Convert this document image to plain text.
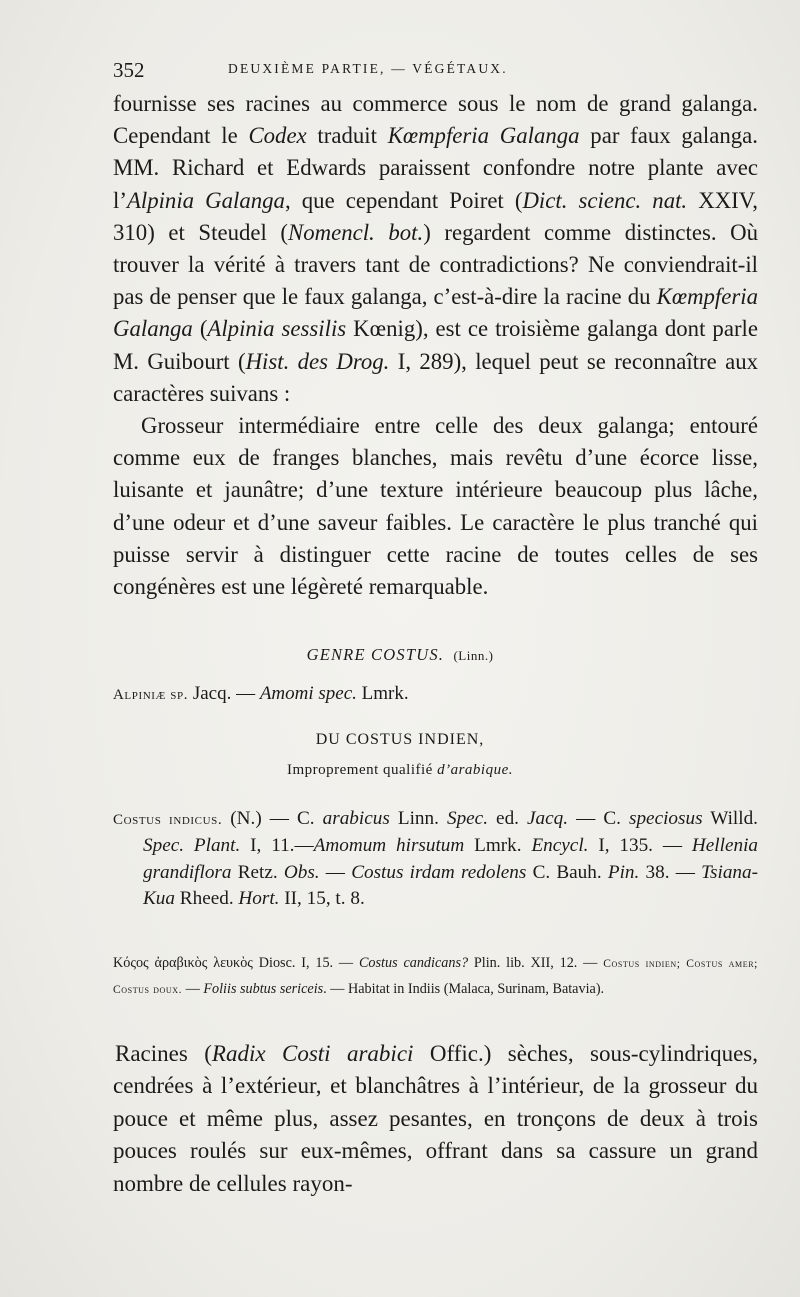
352	DEUXIÈME PARTIE, — VÉGÉTAUX.

fournisse ses racines au commerce sous le nom de grand galanga. Cependant le Codex traduit Kœmpferia Galanga par faux galanga. MM. Richard et Edwards paraissent confondre notre plante avec l’Alpinia Galanga, que cependant Poiret (Dict. scienc. nat. XXIV, 310) et Steudel (Nomencl. bot.) regardent comme distinctes. Où trouver la vérité à travers tant de contradictions? Ne conviendrait-il pas de penser que le faux galanga, c’est-à-dire la racine du Kœmpferia Galanga (Alpinia sessilis Kœnig), est ce troisième galanga dont parle M. Guibourt (Hist. des Drog. I, 289), lequel peut se reconnaître aux caractères suivans :

Grosseur intermédiaire entre celle des deux galanga; entouré comme eux de franges blanches, mais revêtu d’une écorce lisse, luisante et jaunâtre; d’une texture intérieure beaucoup plus lâche, d’une odeur et d’une saveur faibles. Le caractère le plus tranché qui puisse servir à distinguer cette racine de toutes celles de ses congénères est une légèreté remarquable.

GENRE COSTUS. (Linn.)
Alpiniæ sp. Jacq. — Amomi spec. Lmrk.
DU COSTUS INDIEN,
Improprement qualifié d’arabique.

Costus indicus. (N.) — C. arabicus Linn. Spec. ed. Jacq. — C. speciosus Willd. Spec. Plant. I, 11.—Amomum hirsutum Lmrk. Encycl. I, 135. — Hellenia grandiflora Retz. Obs. — Costus irdam redolens C. Bauh. Pin. 38. — Tsiana-Kua Rheed. Hort. II, 15, t. 8.

Κόςος ἀραβικὸς λευκὸς Diosc. I, 15. — Costus candicans? Plin. lib. XII, 12. — Costus indien; Costus amer; Costus doux. — Foliis subtus sericeis. — Habitat in Indiis (Malaca, Surinam, Batavia).

Racines (Radix Costi arabici Offic.) sèches, sous-cylindriques, cendrées à l’extérieur, et blanchâtres à l’intérieur, de la grosseur du pouce et même plus, assez pesantes, en tronçons de deux à trois pouces roulés sur eux-mêmes, offrant dans sa cassure un grand nombre de cellules rayon-
